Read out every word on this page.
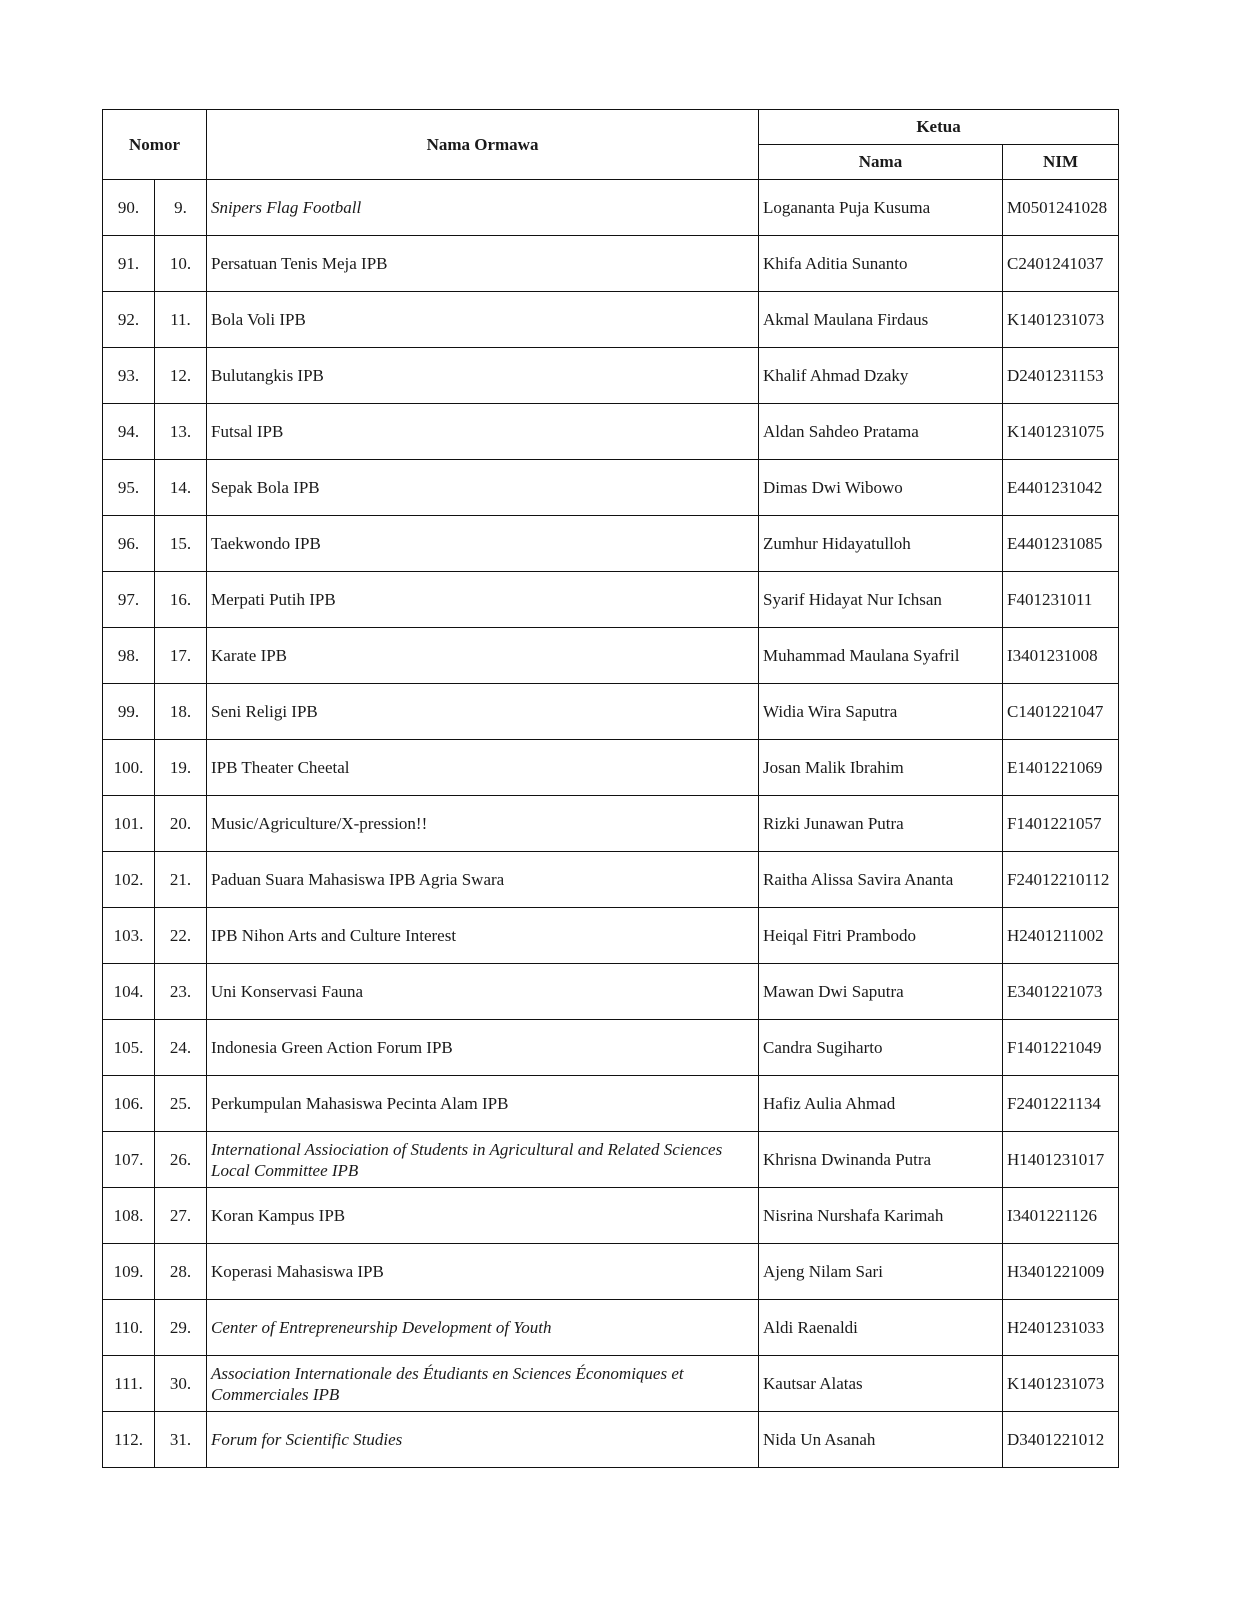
Nomor		Nama Ormawa	Ketua	
			Nama	NIM
90.	9.	Snipers Flag Football	Logananta Puja Kusuma	M0501241028
91.	10.	Persatuan Tenis Meja IPB	Khifa Aditia Sunanto	C2401241037
92.	11.	Bola Voli IPB	Akmal Maulana Firdaus	K1401231073
93.	12.	Bulutangkis IPB	Khalif Ahmad Dzaky	D2401231153
94.	13.	Futsal IPB	Aldan Sahdeo Pratama	K1401231075
95.	14.	Sepak Bola IPB	Dimas Dwi Wibowo	E4401231042
96.	15.	Taekwondo IPB	Zumhur Hidayatulloh	E4401231085
97.	16.	Merpati Putih IPB	Syarif Hidayat Nur Ichsan	F401231011
98.	17.	Karate IPB	Muhammad Maulana Syafril	I3401231008
99.	18.	Seni Religi IPB	Widia Wira Saputra	C1401221047
100.	19.	IPB Theater Cheetal	Josan Malik Ibrahim	E1401221069
101.	20.	Music/Agriculture/X-pression!!	Rizki Junawan Putra	F1401221057
102.	21.	Paduan Suara Mahasiswa IPB Agria Swara	Raitha Alissa Savira Ananta	F24012210112
103.	22.	IPB Nihon Arts and Culture Interest	Heiqal Fitri Prambodo	H2401211002
104.	23.	Uni Konservasi Fauna	Mawan Dwi Saputra	E3401221073
105.	24.	Indonesia Green Action Forum IPB	Candra Sugiharto	F1401221049
106.	25.	Perkumpulan Mahasiswa Pecinta Alam IPB	Hafiz Aulia Ahmad	F2401221134
107.	26.	International Assiociation of Students in Agricultural and Related Sciences Local Committee IPB	Khrisna Dwinanda Putra	H1401231017
108.	27.	Koran Kampus IPB	Nisrina Nurshafa Karimah	I3401221126
109.	28.	Koperasi Mahasiswa IPB	Ajeng Nilam Sari	H3401221009
110.	29.	Center of Entrepreneurship Development of Youth	Aldi Raenaldi	H2401231033
111.	30.	Association Internationale des Étudiants en Sciences Économiques et Commerciales IPB	Kautsar Alatas	K1401231073
112.	31.	Forum for Scientific Studies	Nida Un Asanah	D3401221012
